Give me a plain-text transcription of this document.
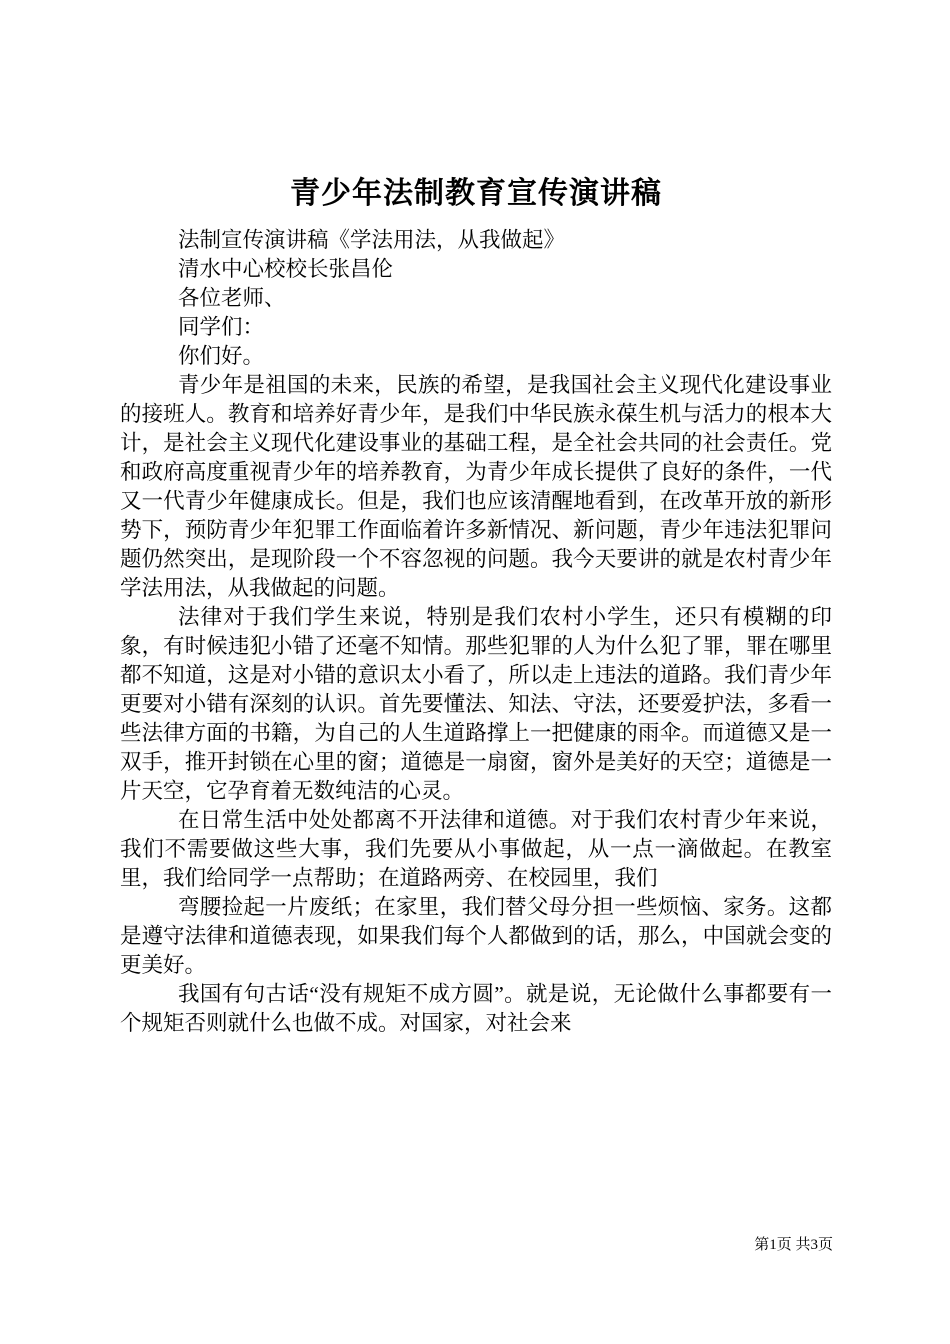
青少年法制教育宣传演讲稿

法制宣传演讲稿《学法用法，从我做起》

清水中心校校长张昌伦

各位老师、

同学们：

你们好。

青少年是祖国的未来，民族的希望，是我国社会主义现代化建设事业的接班人。教育和培养好青少年，是我们中华民族永葆生机与活力的根本大计，是社会主义现代化建设事业的基础工程，是全社会共同的社会责任。党和政府高度重视青少年的培养教育，为青少年成长提供了良好的条件，一代又一代青少年健康成长。但是，我们也应该清醒地看到，在改革开放的新形势下，预防青少年犯罪工作面临着许多新情况、新问题，青少年违法犯罪问题仍然突出，是现阶段一个不容忽视的问题。我今天要讲的就是农村青少年学法用法，从我做起的问题。

法律对于我们学生来说，特别是我们农村小学生，还只有模糊的印象，有时候违犯小错了还毫不知情。那些犯罪的人为什么犯了罪，罪在哪里都不知道，这是对小错的意识太小看了，所以走上违法的道路。我们青少年更要对小错有深刻的认识。首先要懂法、知法、守法，还要爱护法，多看一些法律方面的书籍，为自己的人生道路撑上一把健康的雨伞。而道德又是一双手，推开封锁在心里的窗；道德是一扇窗，窗外是美好的天空；道德是一片天空，它孕育着无数纯洁的心灵。

在日常生活中处处都离不开法律和道德。对于我们农村青少年来说，我们不需要做这些大事，我们先要从小事做起，从一点一滴做起。在教室里，我们给同学一点帮助；在道路两旁、在校园里，我们

弯腰捡起一片废纸；在家里，我们替父母分担一些烦恼、家务。这都是遵守法律和道德表现，如果我们每个人都做到的话，那么，中国就会变的更美好。

我国有句古话“没有规矩不成方圆”。就是说，无论做什么事都要有一个规矩否则就什么也做不成。对国家，对社会来

第1页 共3页
